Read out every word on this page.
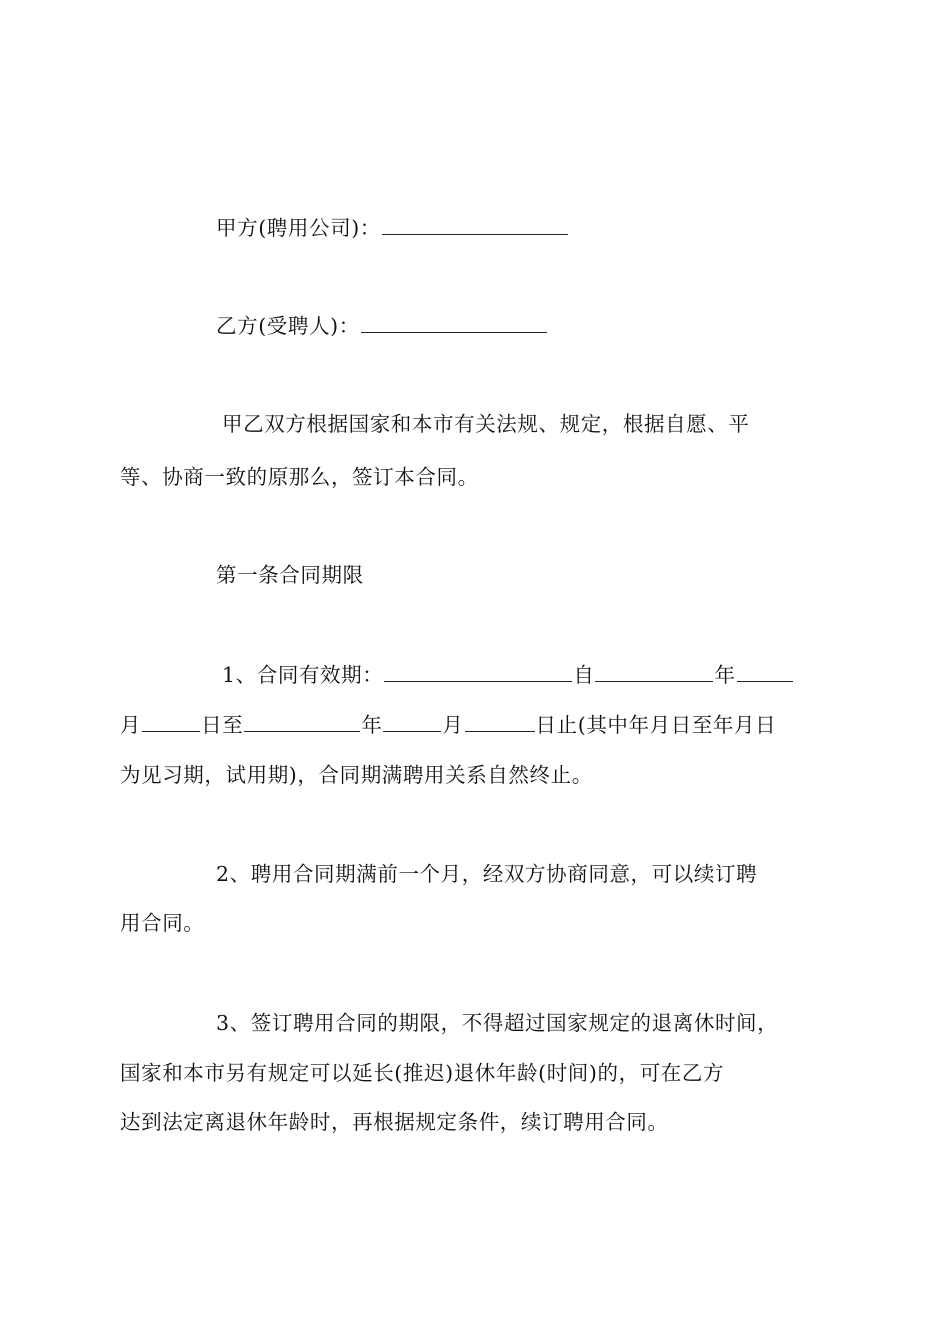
甲方(聘用公司)：
乙方(受聘人)：
甲乙双方根据国家和本市有关法规、规定，根据自愿、平
等、协商一致的原那么，签订本合同。
第一条合同期限
1、合同有效期：	自	年
月	日至	年	月	日止(其中年月日至年月日
为见习期，试用期)，合同期满聘用关系自然终止。
2、聘用合同期满前一个月，经双方协商同意，可以续订聘
用合同。
3、签订聘用合同的期限，不得超过国家规定的退离休时间，
国家和本市另有规定可以延长(推迟)退休年龄(时间)的，可在乙方
达到法定离退休年龄时，再根据规定条件，续订聘用合同。
